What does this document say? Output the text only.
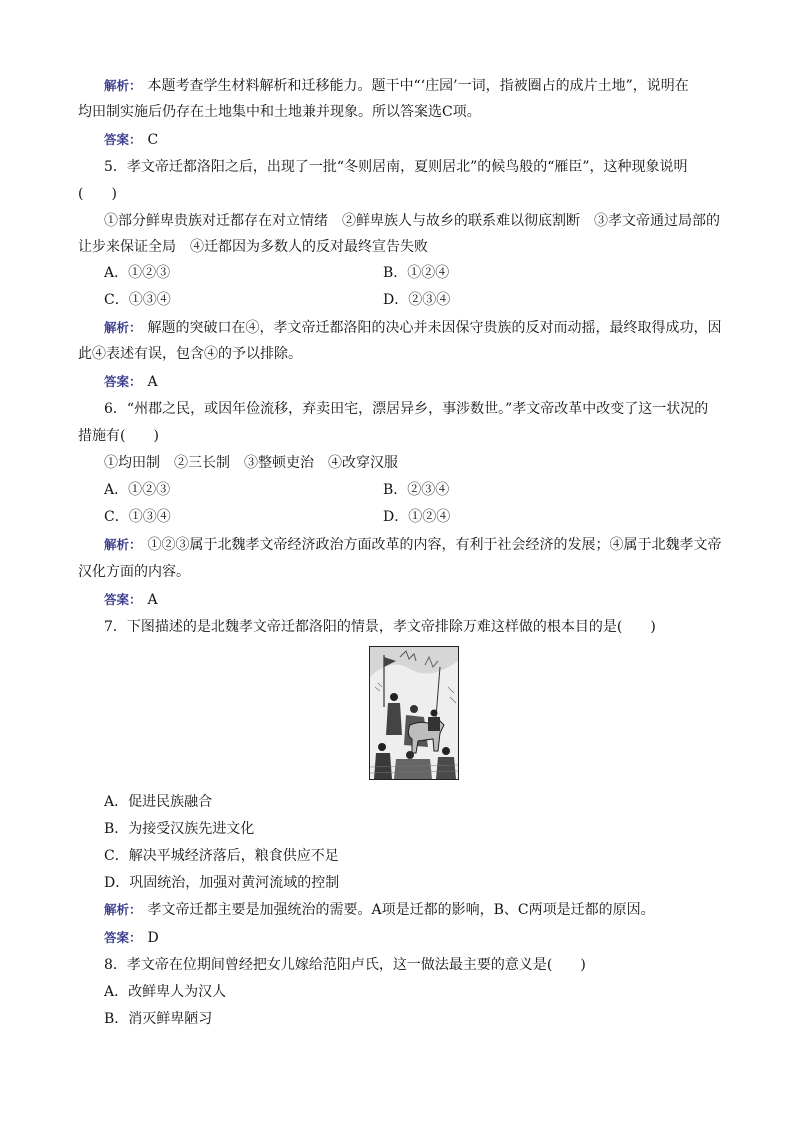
解析： 本题考查学生材料解析和迁移能力。题干中“‘庄园’一词，指被圈占的成片土地”，说明在
均田制实施后仍存在土地集中和土地兼并现象。所以答案选C项。
答案： C
5．孝文帝迁都洛阳之后，出现了一批“冬则居南，夏则居北”的候鸟般的“雁臣”，这种现象说明
(　　)
①部分鲜卑贵族对迁都存在对立情绪　②鲜卑族人与故乡的联系难以彻底割断　③孝文帝通过局部的
让步来保证全局　④迁都因为多数人的反对最终宣告失败
A．①②③	B．①②④
C．①③④	D．②③④
解析： 解题的突破口在④，孝文帝迁都洛阳的决心并未因保守贵族的反对而动摇，最终取得成功，因
此④表述有误，包含④的予以排除。
答案： A
6．“州郡之民，或因年俭流移，弃卖田宅，漂居异乡，事涉数世。”孝文帝改革中改变了这一状况的
措施有(　　)
①均田制　②三长制　③整顿吏治　④改穿汉服
A．①②③	B．②③④
C．①③④	D．①②④
解析： ①②③属于北魏孝文帝经济政治方面改革的内容，有利于社会经济的发展；④属于北魏孝文帝
汉化方面的内容。
答案： A
7．下图描述的是北魏孝文帝迁都洛阳的情景，孝文帝排除万难这样做的根本目的是(　　)
A．促进民族融合
B．为接受汉族先进文化
C．解决平城经济落后，粮食供应不足
D．巩固统治，加强对黄河流域的控制
解析： 孝文帝迁都主要是加强统治的需要。A项是迁都的影响，B、C两项是迁都的原因。
答案： D
8．孝文帝在位期间曾经把女儿嫁给范阳卢氏，这一做法最主要的意义是(　　)
A．改鲜卑人为汉人
B．消灭鲜卑陋习
